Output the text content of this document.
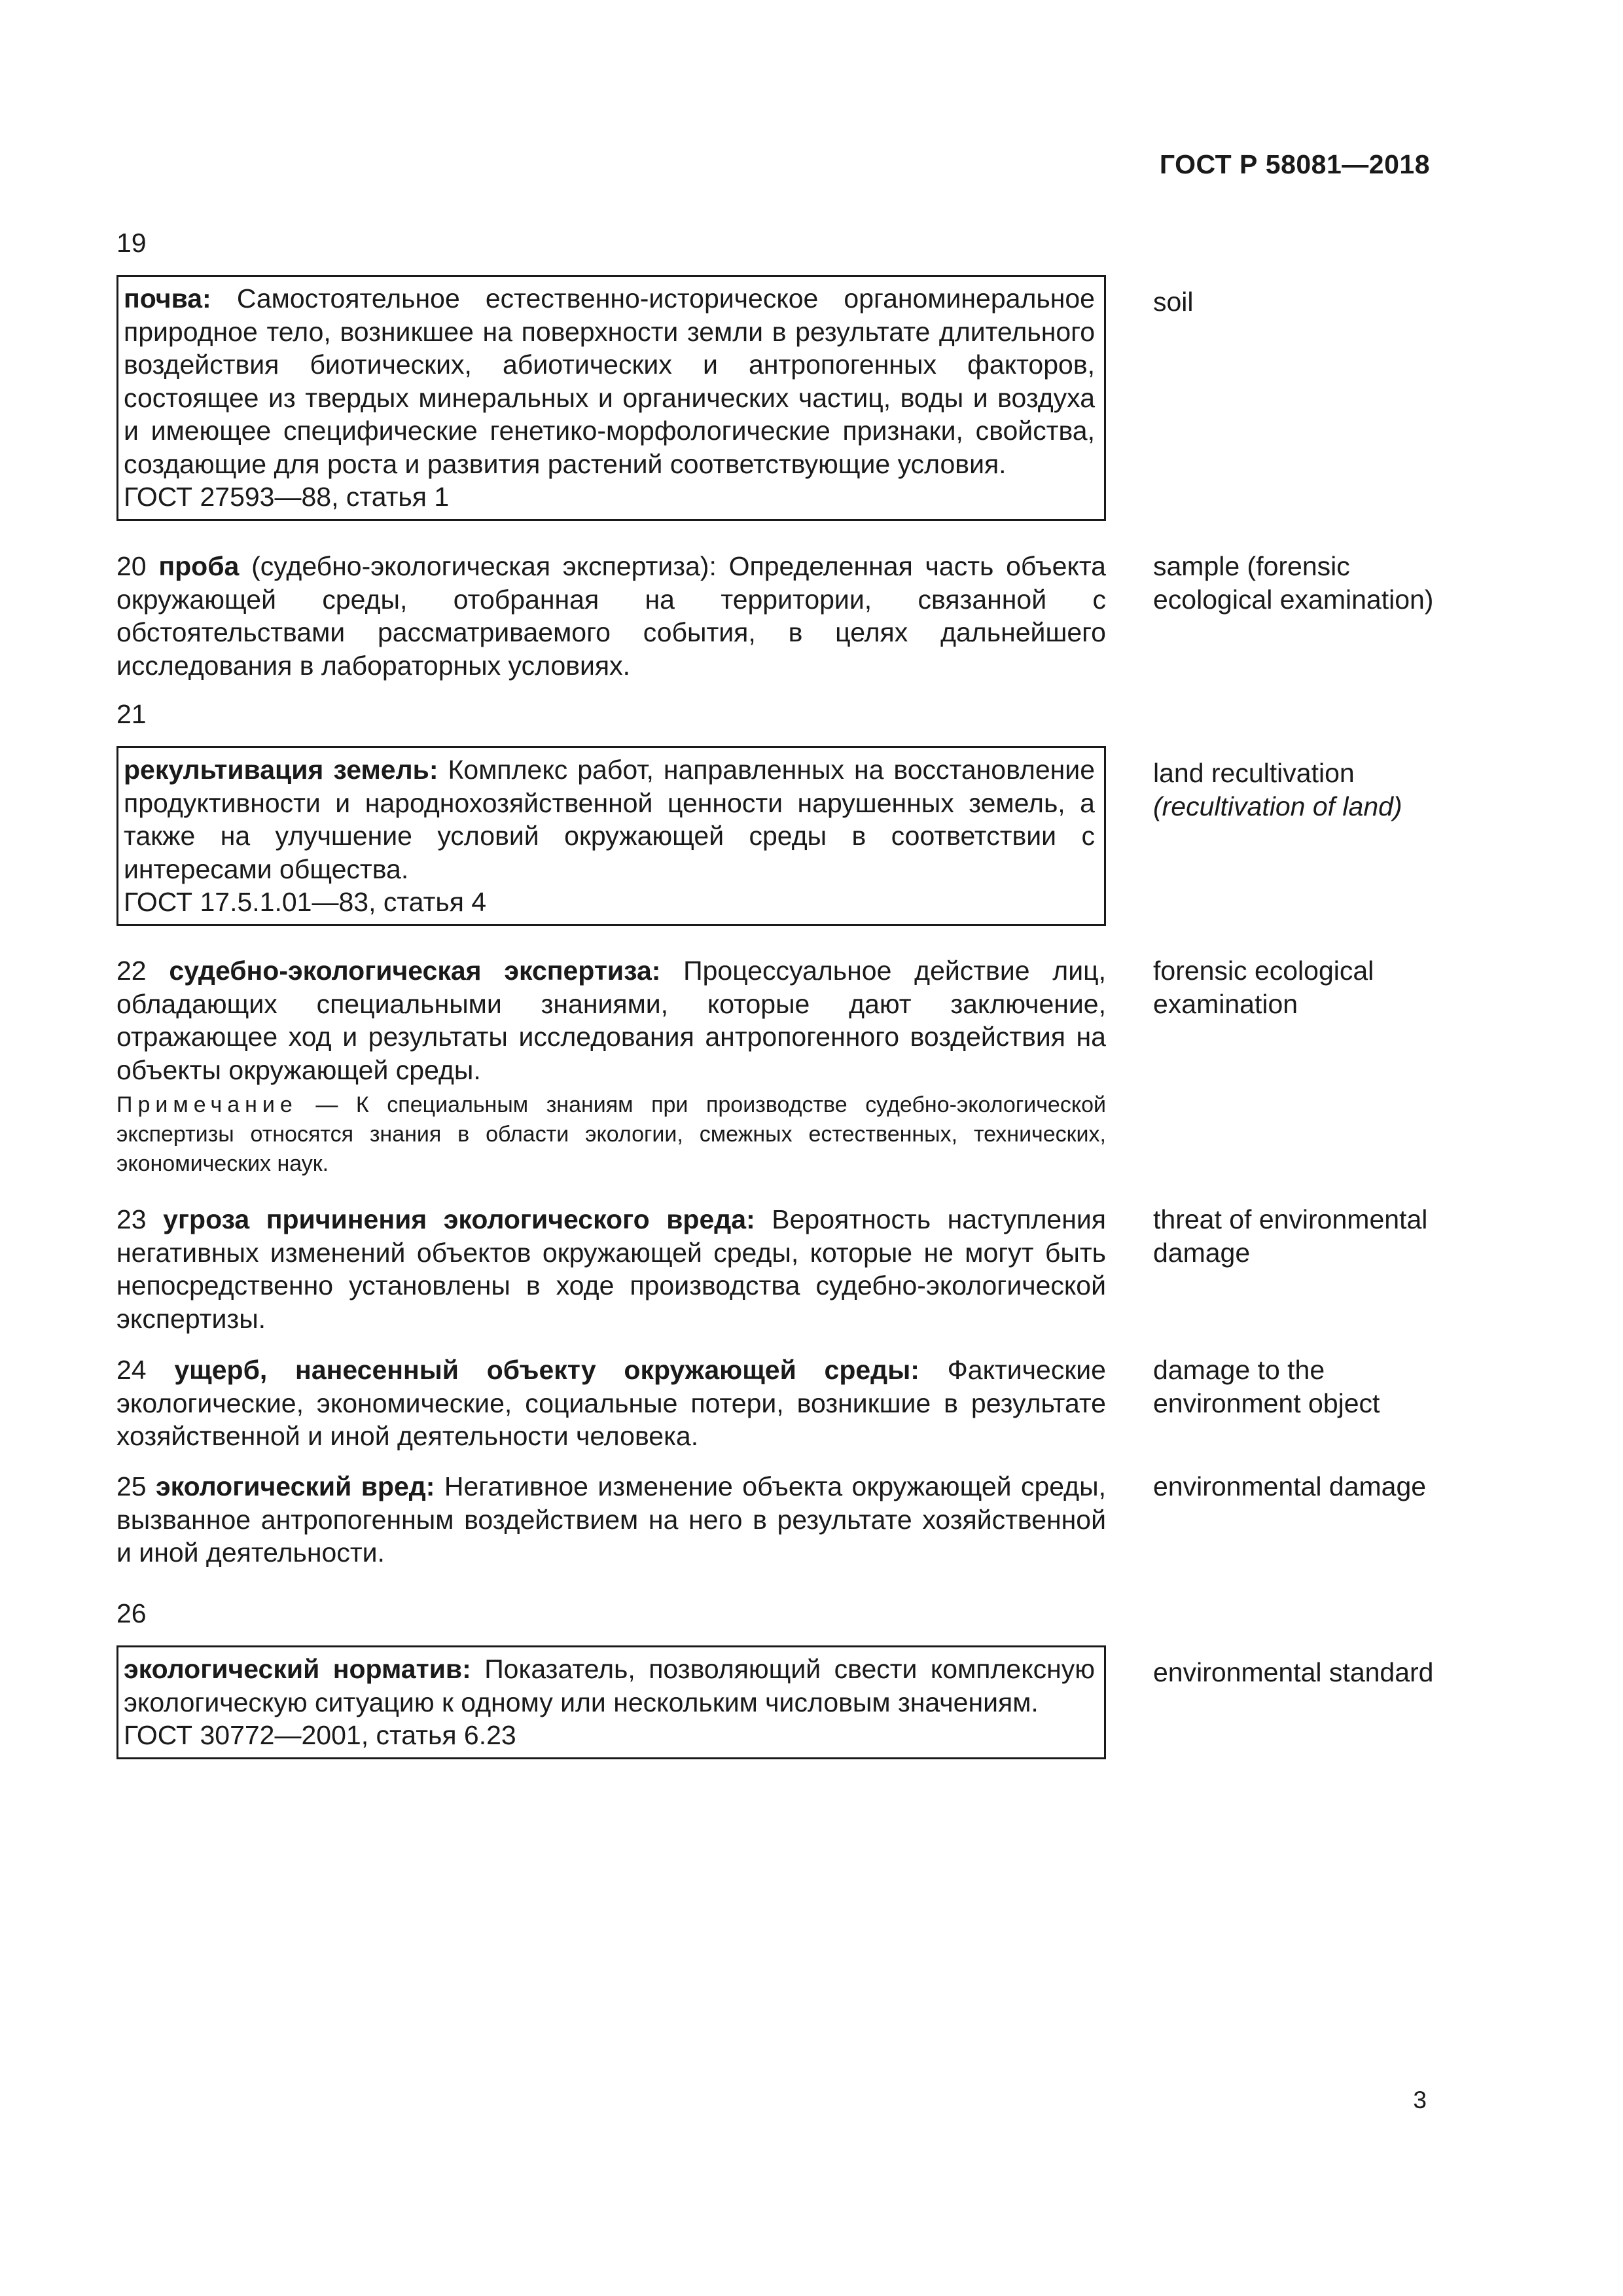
ГОСТ Р 58081—2018
19
почва: Самостоятельное естественно-историческое органоминеральное природное тело, возникшее на поверхности земли в результате длительного воздействия биотических, абиотических и антропогенных факторов, состоящее из твердых минеральных и органических частиц, воды и воздуха и имеющее специфические генетико-морфологические признаки, свойства, создающие для роста и развития растений соответствующие условия.
ГОСТ 27593—88, статья 1
soil
20 проба (судебно-экологическая экспертиза): Определенная часть объекта окружающей среды, отобранная на территории, связанной с обстоятельствами рассматриваемого события, в целях дальнейшего исследования в лабораторных условиях.
sample (forensic ecological examination)
21
рекультивация земель: Комплекс работ, направленных на восстановление продуктивности и народнохозяйственной ценности нарушенных земель, а также на улучшение условий окружающей среды в соответствии с интересами общества.
ГОСТ 17.5.1.01—83, статья 4
land recultivation
(recultivation of land)
22 судебно-экологическая экспертиза: Процессуальное действие лиц, обладающих специальными знаниями, которые дают заключение, отражающее ход и результаты исследования антропогенного воздействия на объекты окружающей среды.
forensic ecological examination
Примечание — К специальным знаниям при производстве судебно-экологической экспертизы относятся знания в области экологии, смежных естественных, технических, экономических наук.
23 угроза причинения экологического вреда: Вероятность наступления негативных изменений объектов окружающей среды, которые не могут быть непосредственно установлены в ходе производства судебно-экологической экспертизы.
threat of environmental damage
24 ущерб, нанесенный объекту окружающей среды: Фактические экологические, экономические, социальные потери, возникшие в результате хозяйственной и иной деятельности человека.
damage to the environment object
25 экологический вред: Негативное изменение объекта окружающей среды, вызванное антропогенным воздействием на него в результате хозяйственной и иной деятельности.
environmental damage
26
экологический норматив: Показатель, позволяющий свести комплексную экологическую ситуацию к одному или нескольким числовым значениям.
ГОСТ 30772—2001, статья 6.23
environmental standard
3
